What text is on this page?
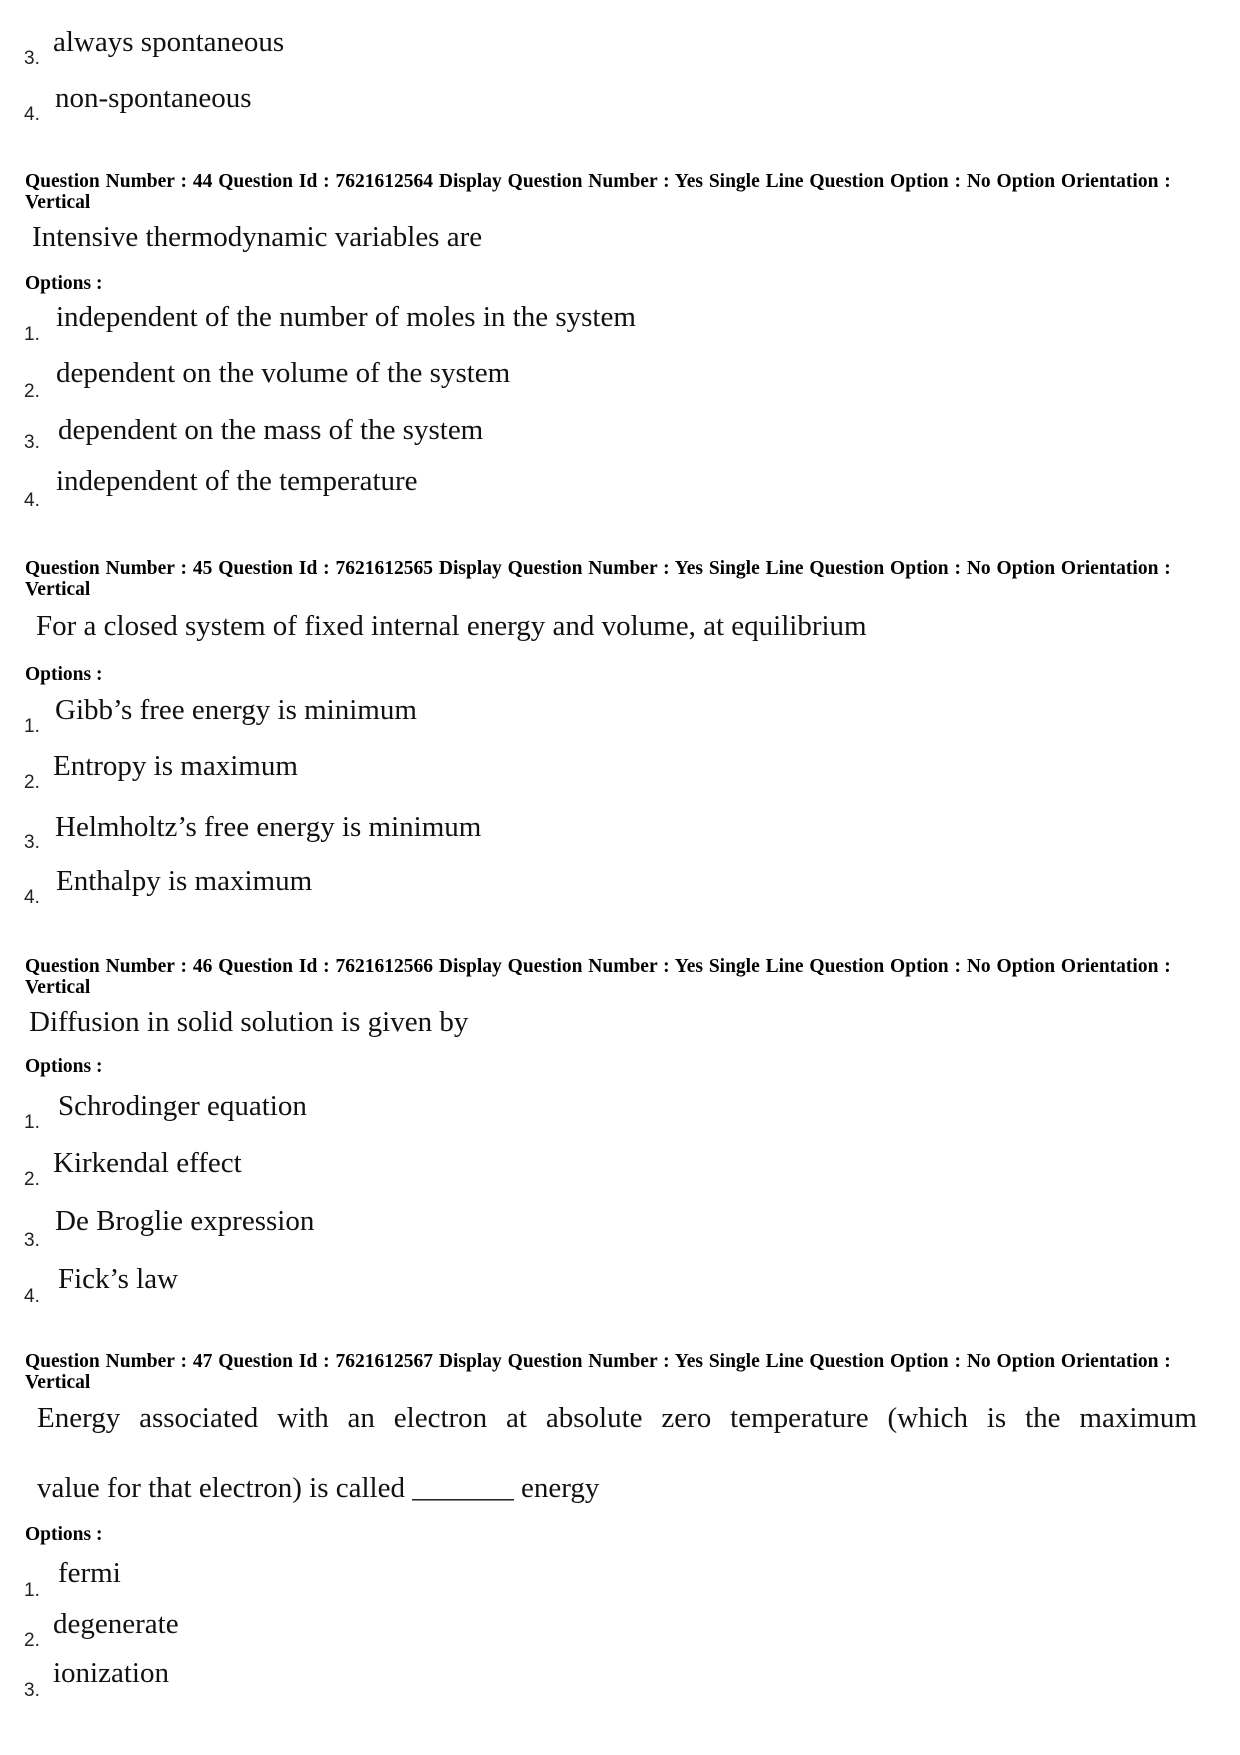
3.
always spontaneous
4.
non-spontaneous
Question Number : 44 Question Id : 7621612564 Display Question Number : Yes Single Line Question Option : No Option Orientation : Vertical
Intensive thermodynamic variables are
Options :
1.
independent of the number of moles in the system
2.
dependent on the volume of the system
3. dependent on the mass of the system
4.
independent of the temperature
Question Number : 45 Question Id : 7621612565 Display Question Number : Yes Single Line Question Option : No Option Orientation : Vertical
For a closed system of fixed internal energy and volume, at equilibrium
Options :
1.
Gibb’s free energy is minimum
2.
Entropy is maximum
3. Helmholtz’s free energy is minimum
4.
Enthalpy is maximum
Question Number : 46 Question Id : 7621612566 Display Question Number : Yes Single Line Question Option : No Option Orientation : Vertical
Diffusion in solid solution is given by
Options :
1.
Schrodinger equation
2.
Kirkendal effect
3.
De Broglie expression
4.
Fick’s law
Question Number : 47 Question Id : 7621612567 Display Question Number : Yes Single Line Question Option : No Option Orientation : Vertical
Energy associated with an electron at absolute zero temperature (which is the maximum
value for that electron) is called _______ energy
Options :
1.
fermi
2.
degenerate
3.
ionization
